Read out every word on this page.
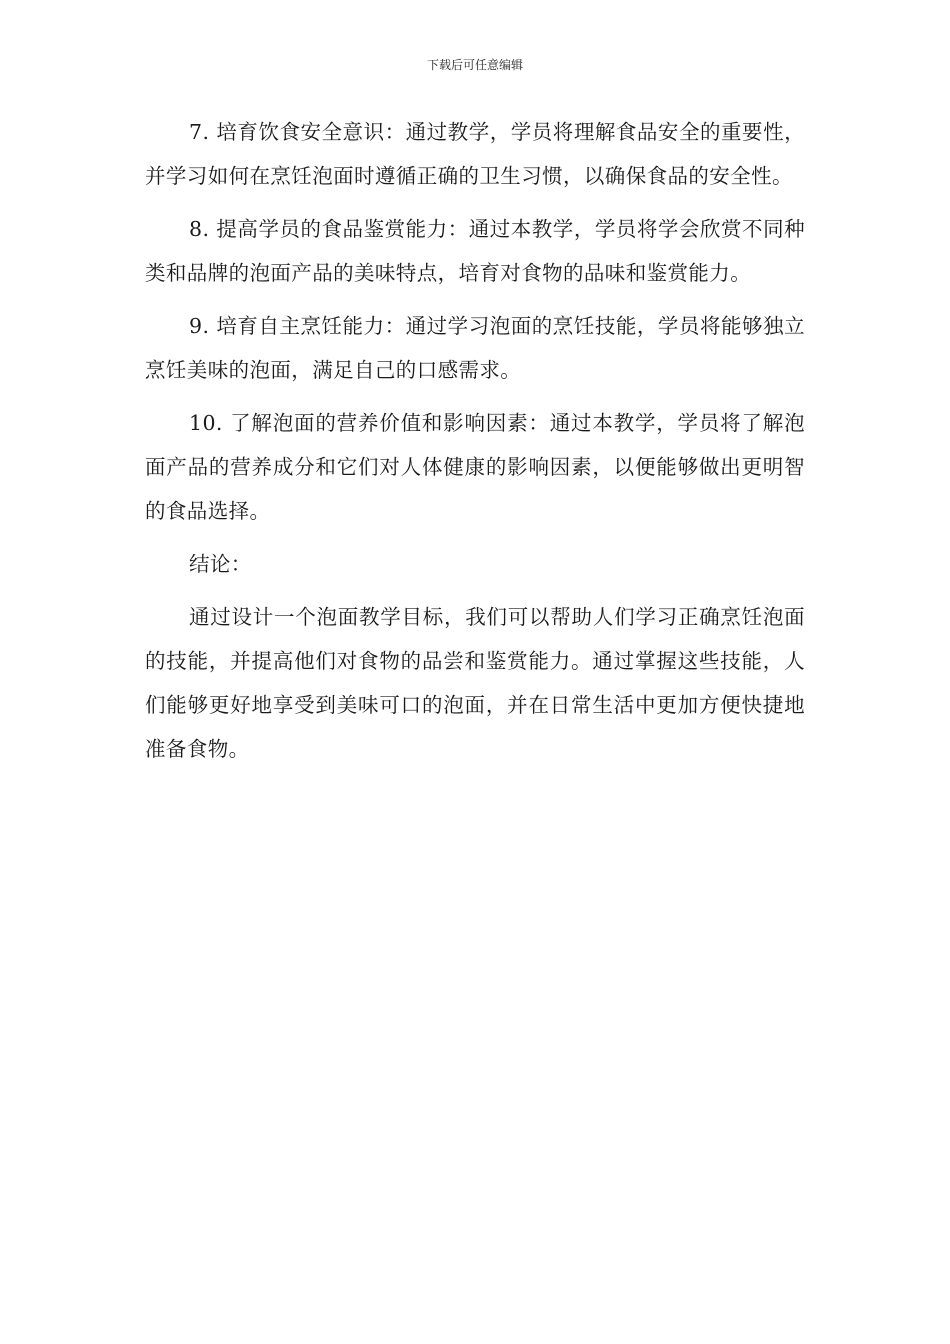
下载后可任意编辑

7. 培育饮食安全意识：通过教学，学员将理解食品安全的重要性，并学习如何在烹饪泡面时遵循正确的卫生习惯，以确保食品的安全性。

8. 提高学员的食品鉴赏能力：通过本教学，学员将学会欣赏不同种类和品牌的泡面产品的美味特点，培育对食物的品味和鉴赏能力。

9. 培育自主烹饪能力：通过学习泡面的烹饪技能，学员将能够独立烹饪美味的泡面，满足自己的口感需求。

10. 了解泡面的营养价值和影响因素：通过本教学，学员将了解泡面产品的营养成分和它们对人体健康的影响因素，以便能够做出更明智的食品选择。

结论：

通过设计一个泡面教学目标，我们可以帮助人们学习正确烹饪泡面的技能，并提高他们对食物的品尝和鉴赏能力。通过掌握这些技能，人们能够更好地享受到美味可口的泡面，并在日常生活中更加方便快捷地准备食物。
